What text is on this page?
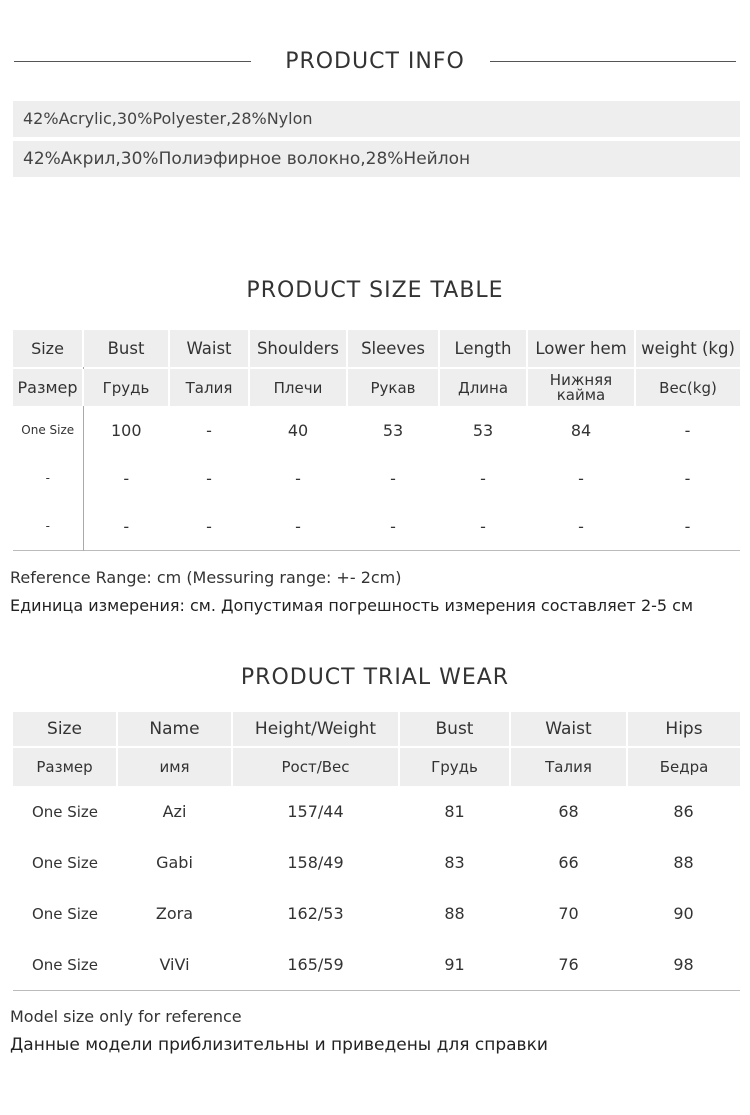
PRODUCT INFO
42%Acrylic,30%Polyester,28%Nylon
42%Акрил,30%Полиэфирное волокно,28%Нейлон
PRODUCT SIZE TABLE
Size	Bust	Waist	Shoulders	Sleeves	Length	Lower hem	weight (kg)

Размер	Грудь	Талия	Плечи	Рукав	Длина	Нижняя кайма	Вес(kg)
One Size	100	-	40	53	53	84	-
-	-	-	-	-	-	-	-
-	-	-	-	-	-	-	-
Reference Range: cm (Messuring range: +- 2cm)
Единица измерения: см. Допустимая погрешность измерения составляет 2-5 см
PRODUCT TRIAL WEAR
Size	Name	Height/Weight	Bust	Waist	Hips
Размер	имя	Рост/Вес	Грудь	Талия	Бедра
One Size	Azi	157/44	81	68	86
One Size	Gabi	158/49	83	66	88
One Size	Zora	162/53	88	70	90
One Size	ViVi	165/59	91	76	98
Model size only for reference
Данные модели приблизительны и приведены для справки
